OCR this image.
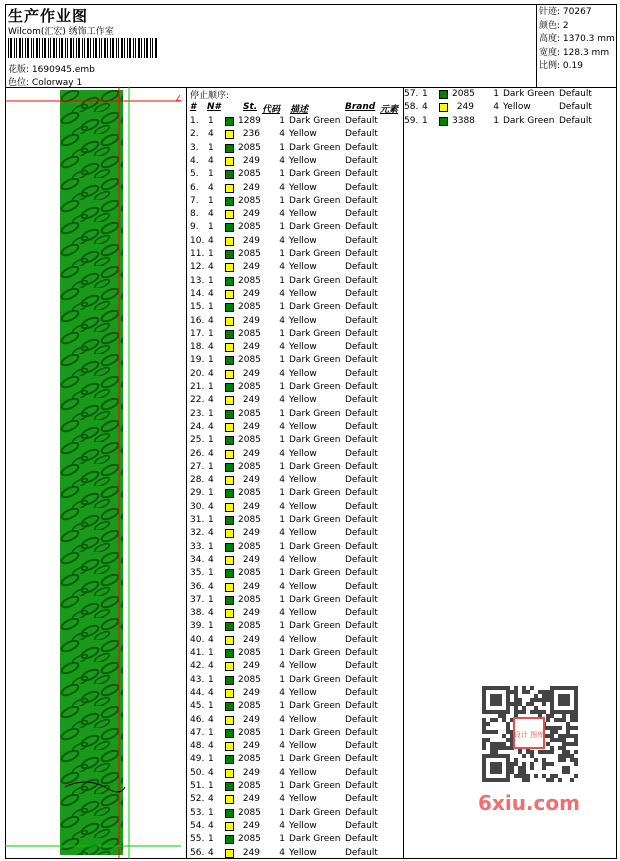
生产作业图
Wilcom(汇宏) 绣饰工作室
花版: 1690945.emb
色位: Colorway 1
针迹: 70267
颜色: 2
高度: 1370.3 mm
宽度: 128.3 mm
比例: 0.19
∠ 停止顺序:
# N# St. 代码 描述	Brand 元素
1. 1	1289 1 Dark Green Default
2. 4	236 4 Yellow	Default
3. 1	2085 1 Dark Green Default
4. 4	249 4 Yellow	Default
5. 1	2085 1 Dark Green Default
6. 4	249 4 Yellow	Default
7. 1	2085 1 Dark Green Default
8. 4	249 4 Yellow	Default
9. 1	2085 1 Dark Green Default
10. 4	249 4 Yellow	Default
11. 1	2085 1 Dark Green Default
12. 4	249 4 Yellow	Default
13. 1	2085 1 Dark Green Default
14. 4	249 4 Yellow	Default
15. 1	2085 1 Dark Green Default
16. 4	249 4 Yellow	Default
17. 1	2085 1 Dark Green Default
18. 4	249 4 Yellow	Default
19. 1	2085 1 Dark Green Default
20. 4	249 4 Yellow	Default
21. 1	2085 1 Dark Green Default
22. 4	249 4 Yellow	Default
23. 1	2085 1 Dark Green Default
24. 4	249 4 Yellow	Default
25. 1	2085 1 Dark Green Default
26. 4	249 4 Yellow	Default
27. 1	2085 1 Dark Green Default
28. 4	249 4 Yellow	Default
29. 1	2085 1 Dark Green Default
30. 4	249 4 Yellow	Default
31. 1	2085 1 Dark Green Default
32. 4	249 4 Yellow	Default
33. 1	2085 1 Dark Green Default
34. 4	249 4 Yellow	Default
35. 1	2085 1 Dark Green Default
36. 4	249 4 Yellow	Default
37. 1	2085 1 Dark Green Default
38. 4	249 4 Yellow	Default
39. 1	2085 1 Dark Green Default
40. 4	249 4 Yellow	Default
41. 1	2085 1 Dark Green Default
42. 4	249 4 Yellow	Default
43. 1	2085 1 Dark Green Default
44. 4	249 4 Yellow	Default
45. 1	2085 1 Dark Green Default
46. 4	249 4 Yellow	Default
47. 1	2085 1 Dark Green Default
48. 4	249 4 Yellow	Default
49. 1	2085 1 Dark Green Default
50. 4	249 4 Yellow	Default
51. 1	2085 1 Dark Green Default
52. 4	249 4 Yellow	Default
53. 1	2085 1 Dark Green Default
54. 4	249 4 Yellow	Default
55. 1	2085 1 Dark Green Default
56. 4	249 4 Yellow	Default
57. 1	2085 1 Dark Green Default
58. 4	249 4 Yellow	Default
59. 1	3388 1 Dark Green Default
设计 图库
6xiu.com
